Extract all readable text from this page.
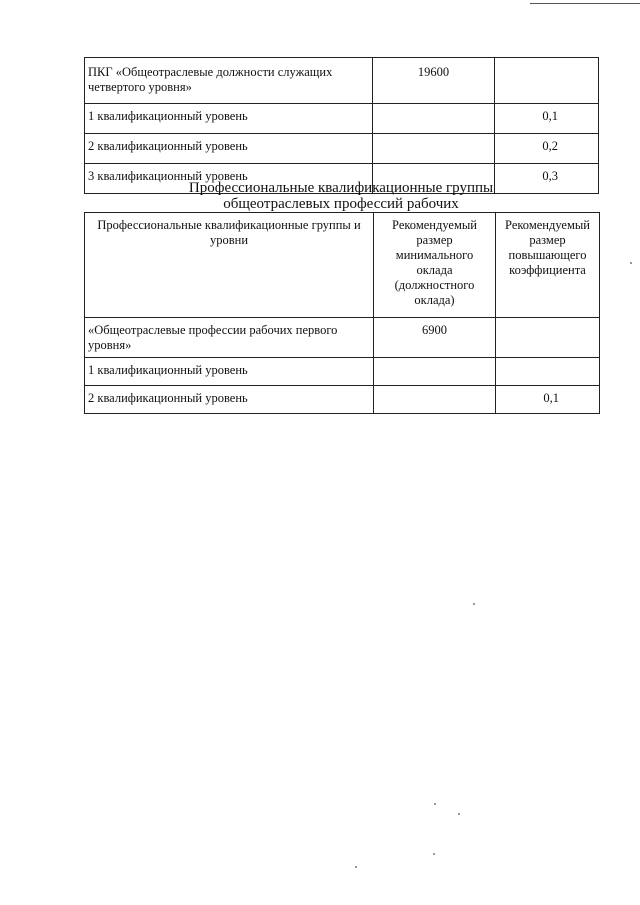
ПКГ «Общеотраслевые должности служащих четвертого уровня»	19600	
1 квалификационный уровень		0,1
2 квалификационный уровень		0,2
3 квалификационный уровень		0,3
Профессиональные квалификационные группы
общеотраслевых профессий рабочих
Профессиональные квалификационные группы и уровни	Рекомендуемый размер минимального оклада (должностного оклада)	Рекомендуемый размер повышающего коэффициента
«Общеотраслевые профессии рабочих первого уровня»	6900	
1 квалификационный уровень		
2 квалификационный уровень		0,1
